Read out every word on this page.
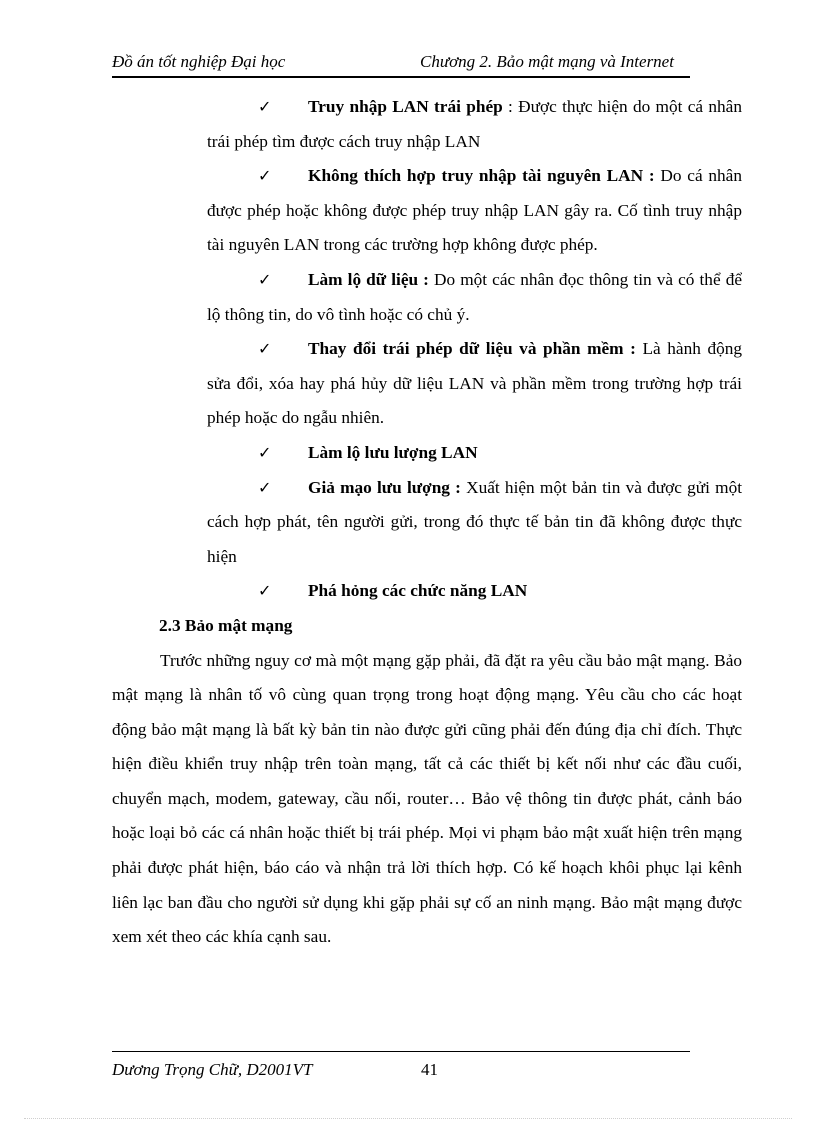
Đồ án tốt nghiệp Đại học	Chương 2. Bảo mật mạng và Internet
✓ Truy nhập LAN trái phép : Được thực hiện do một cá nhân trái phép tìm được cách truy nhập LAN
✓ Không thích hợp truy nhập tài nguyên LAN : Do cá nhân được phép hoặc không được phép truy nhập LAN gây ra. Cố tình truy nhập tài nguyên LAN trong các trường hợp không được phép.
✓ Làm lộ dữ liệu : Do một các nhân đọc thông tin và có thể để lộ thông tin, do vô tình hoặc có chủ ý.
✓ Thay đổi trái phép dữ liệu và phần mềm : Là hành động sửa đổi, xóa hay phá hủy dữ liệu LAN và phần mềm trong trường hợp trái phép hoặc do ngẫu nhiên.
✓ Làm lộ lưu lượng LAN
✓ Giả mạo lưu lượng : Xuất hiện một bản tin và được gửi một cách hợp phát, tên người gửi, trong đó thực tế bản tin đã không được thực hiện
✓ Phá hỏng các chức năng LAN
2.3 Bảo mật mạng
Trước những nguy cơ mà một mạng gặp phải, đã đặt ra yêu cầu bảo mật mạng. Bảo mật mạng là nhân tố vô cùng quan trọng trong hoạt động mạng. Yêu cầu cho các hoạt động bảo mật mạng là bất kỳ bản tin nào được gửi cũng phải đến đúng địa chỉ đích. Thực hiện điều khiển truy nhập trên toàn mạng, tất cả các thiết bị kết nối như các đầu cuối, chuyển mạch, modem, gateway, cầu nối, router… Bảo vệ thông tin được phát, cảnh báo hoặc loại bỏ các cá nhân hoặc thiết bị trái phép. Mọi vi phạm bảo mật xuất hiện trên mạng phải được phát hiện, báo cáo và nhận trả lời thích hợp. Có kế hoạch khôi phục lại kênh liên lạc ban đầu cho người sử dụng khi gặp phải sự cố an ninh mạng. Bảo mật mạng được xem xét theo các khía cạnh sau.
Dương Trọng Chữ, D2001VT	41
